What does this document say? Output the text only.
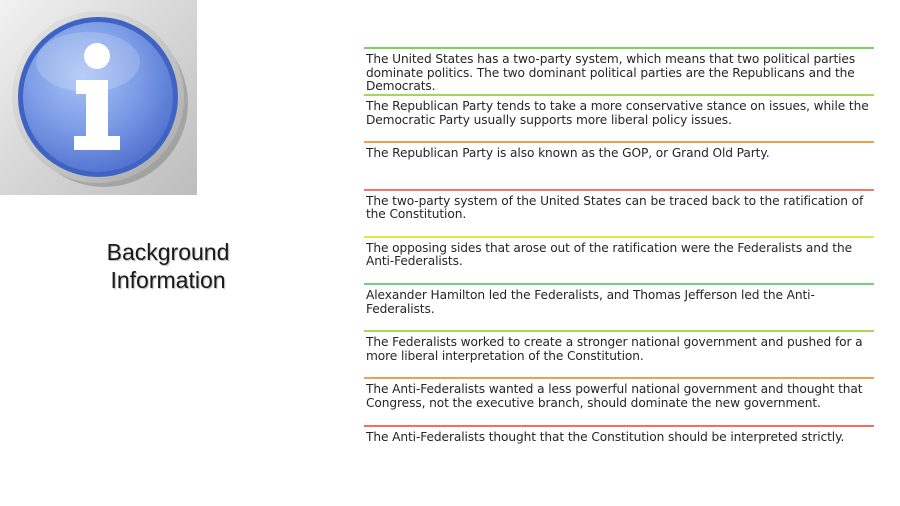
Background
Information
The United States has a two-party system, which means that two political parties dominate politics. The two dominant political parties are the Republicans and the Democrats.
The Republican Party tends to take a more conservative stance on issues, while the Democratic Party usually supports more liberal policy issues.
The Republican Party is also known as the GOP, or Grand Old Party.
The two-party system of the United States can be traced back to the ratification of the Constitution.
The opposing sides that arose out of the ratification were the Federalists and the Anti-Federalists.
Alexander Hamilton led the Federalists, and Thomas Jefferson led the Anti-Federalists.
The Federalists worked to create a stronger national government and pushed for a more liberal interpretation of the Constitution.
The Anti-Federalists wanted a less powerful national government and thought that Congress, not the executive branch, should dominate the new government.
The Anti-Federalists thought that the Constitution should be interpreted strictly.
